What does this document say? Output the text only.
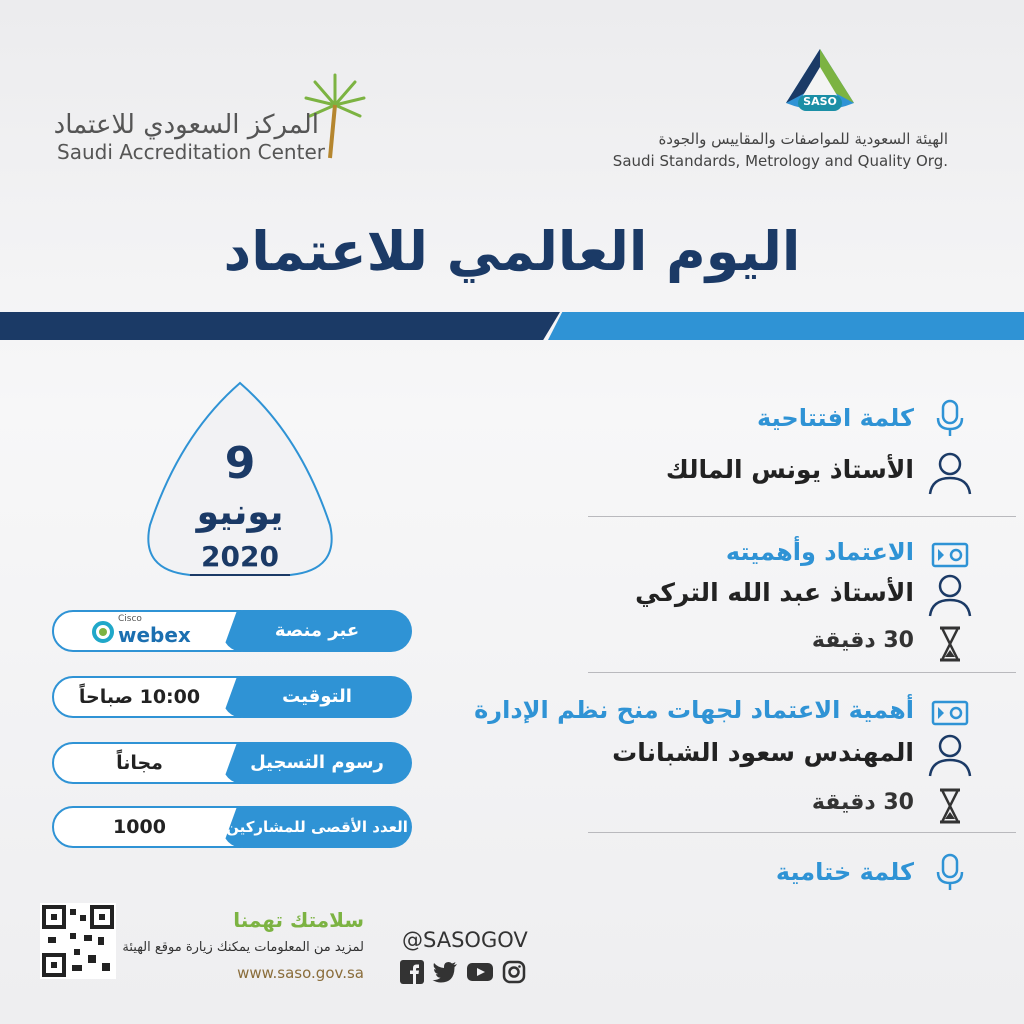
المركز السعودي للاعتماد
Saudi Accreditation Center
SASO
الهيئة السعودية للمواصفات والمقاييس والجودة
Saudi Standards, Metrology and Quality Org.
اليوم العالمي للاعتماد
9
يونيو
2020
عبر منصة
Cisco
webex
التوقيت
10:00 صباحاً
رسوم التسجيل
مجاناً
العدد الأقصى للمشاركين
1000
كلمة افتتاحية
الأستاذ يونس المالك
الاعتماد وأهميته
الأستاذ عبد الله التركي
30 دقيقة
أهمية الاعتماد لجهات منح نظم الإدارة
المهندس سعود الشبانات
30 دقيقة
كلمة ختامية
سلامتك تهمنا
لمزيد من المعلومات يمكنك زيارة موقع الهيئة
www.saso.gov.sa
@SASOGOV
